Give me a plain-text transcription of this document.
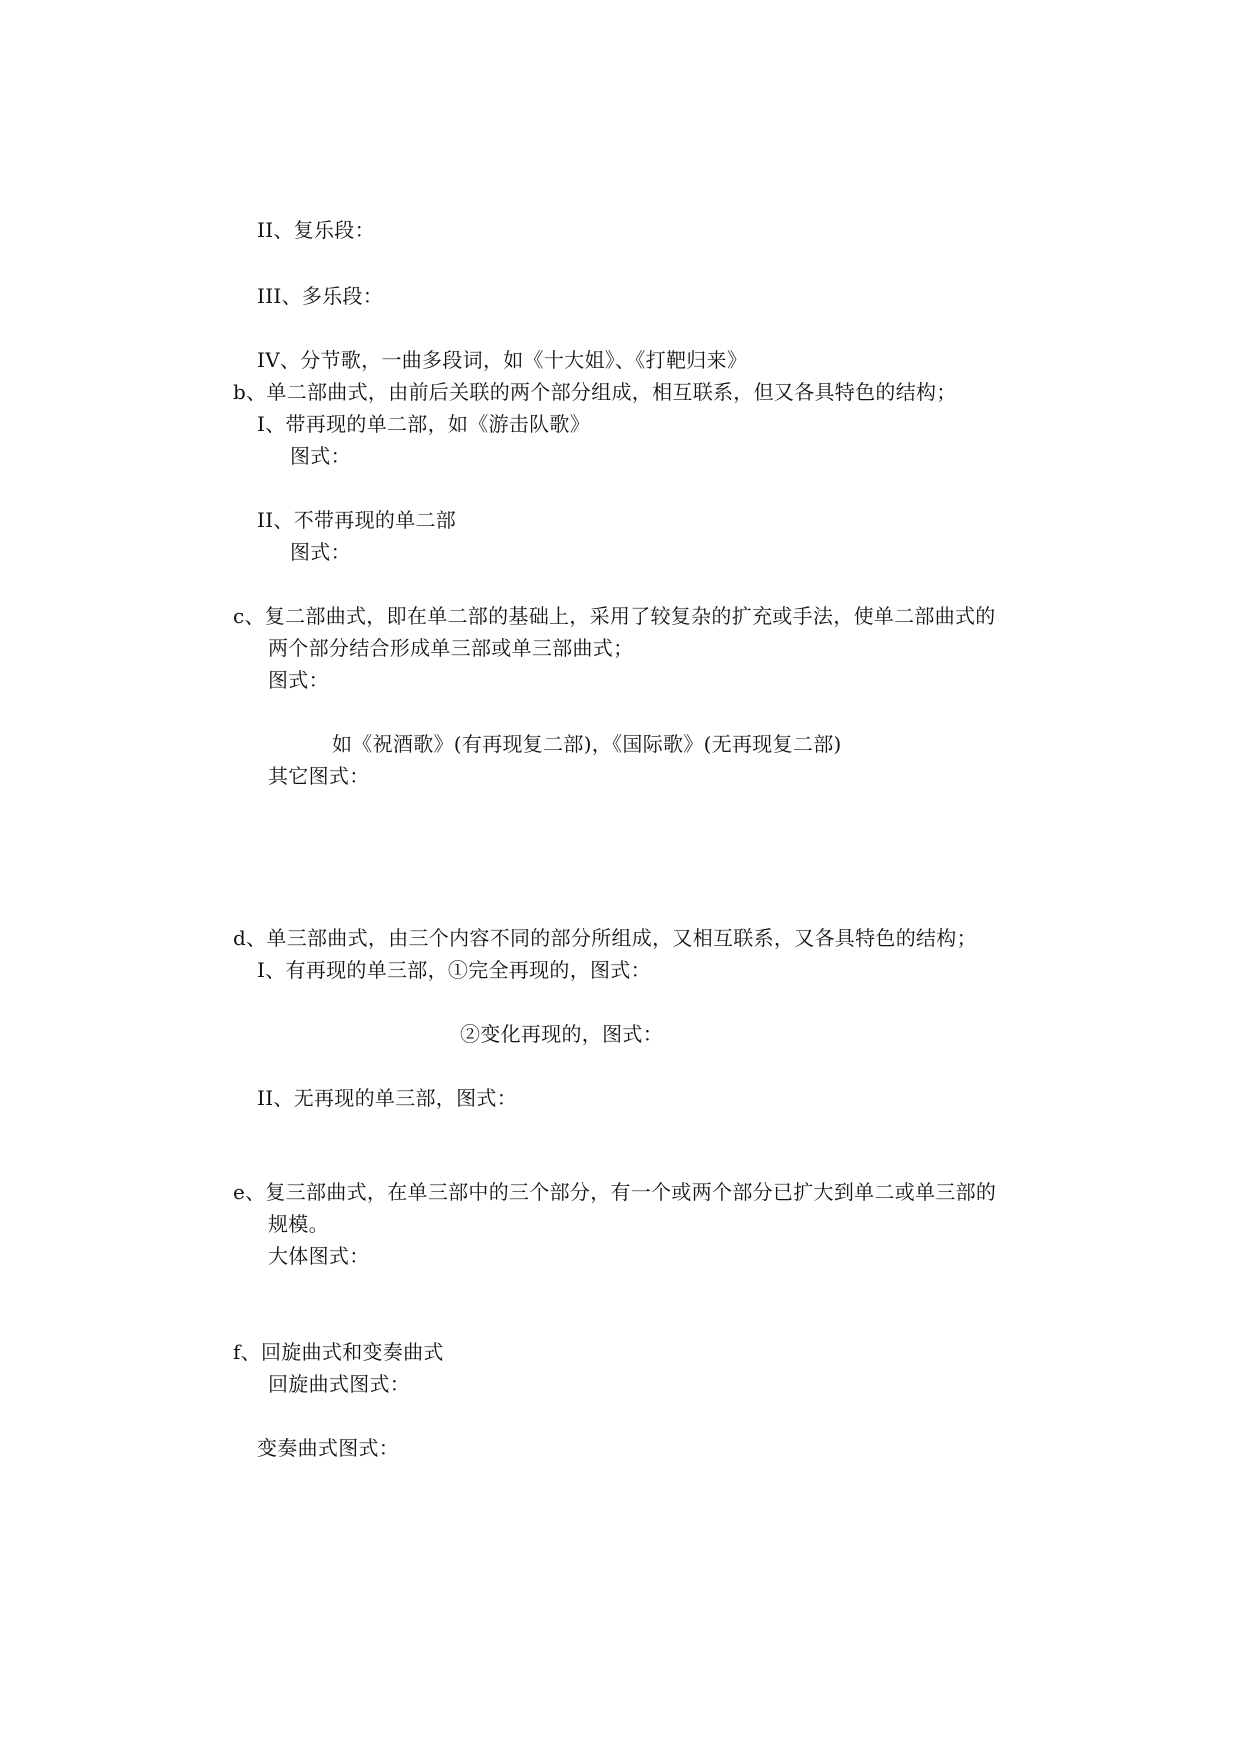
II、复乐段：
III、多乐段：
IV、分节歌，一曲多段词，如《十大姐》、《打靶归来》
b、单二部曲式，由前后关联的两个部分组成，相互联系，但又各具特色的结构；
I、带再现的单二部，如《游击队歌》
图式：
II、不带再现的单二部
图式：
c、复二部曲式，即在单二部的基础上，采用了较复杂的扩充或手法，使单二部曲式的
两个部分结合形成单三部或单三部曲式；
图式：
如《祝酒歌》(有再现复二部)，《国际歌》(无再现复二部)
其它图式：
d、单三部曲式，由三个内容不同的部分所组成，又相互联系，又各具特色的结构；
I、有再现的单三部，①完全再现的，图式：
②变化再现的，图式：
II、无再现的单三部，图式：
e、复三部曲式，在单三部中的三个部分，有一个或两个部分已扩大到单二或单三部的
规模。
大体图式：
f、回旋曲式和变奏曲式
回旋曲式图式：
变奏曲式图式：
